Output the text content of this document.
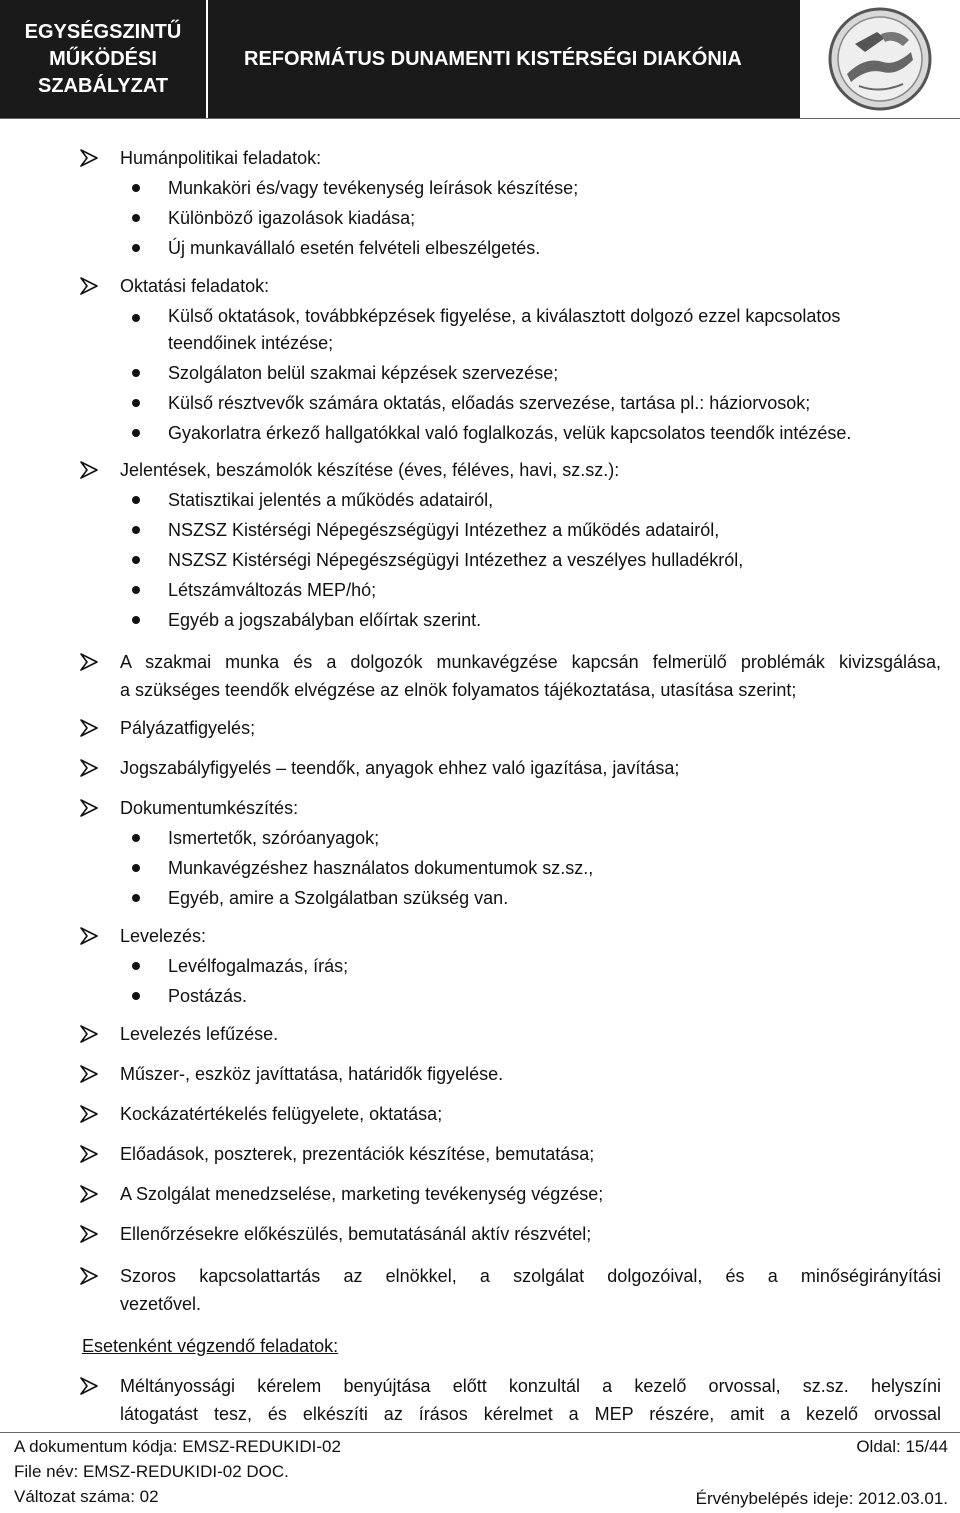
EGYSÉGSZINTŰ
MŰKÖDÉSI
SZABÁLYZAT
REFORMÁTUS DUNAMENTI KISTÉRSÉGI DIAKÓNIA
Humánpolitikai feladatok:
Munkaköri és/vagy tevékenység leírások készítése;
Különböző igazolások kiadása;
Új munkavállaló esetén felvételi elbeszélgetés.
Oktatási feladatok:
Külső oktatások, továbbképzések figyelése, a kiválasztott dolgozó ezzel kapcsolatos
teendőinek intézése;
Szolgálaton belül szakmai képzések szervezése;
Külső résztvevők számára oktatás, előadás szervezése, tartása pl.: háziorvosok;
Gyakorlatra érkező hallgatókkal való foglalkozás, velük kapcsolatos teendők intézése.
Jelentések, beszámolók készítése (éves, féléves, havi, sz.sz.):
Statisztikai jelentés a működés adatairól,
NSZSZ Kistérségi Népegészségügyi Intézethez a működés adatairól,
NSZSZ Kistérségi Népegészségügyi Intézethez a veszélyes hulladékról,
Létszámváltozás MEP/hó;
Egyéb a jogszabályban előírtak szerint.
A szakmai munka és a dolgozók munkavégzése kapcsán felmerülő problémák kivizsgálása,
a szükséges teendők elvégzése az elnök folyamatos tájékoztatása, utasítása szerint;
Pályázatfigyelés;
Jogszabályfigyelés – teendők, anyagok ehhez való igazítása, javítása;
Dokumentumkészítés:
Ismertetők, szóróanyagok;
Munkavégzéshez használatos dokumentumok sz.sz.,
Egyéb, amire a Szolgálatban szükség van.
Levelezés:
Levélfogalmazás, írás;
Postázás.
Levelezés lefűzése.
Műszer-, eszköz javíttatása, határidők figyelése.
Kockázatértékelés felügyelete, oktatása;
Előadások, poszterek, prezentációk készítése, bemutatása;
A Szolgálat menedzselése, marketing tevékenység végzése;
Ellenőrzésekre előkészülés, bemutatásánál aktív részvétel;
Szoros kapcsolattartás az elnökkel, a szolgálat dolgozóival, és a minőségirányítási
vezetővel.
Esetenként végzendő feladatok:
Méltányossági kérelem benyújtása előtt konzultál a kezelő orvossal, sz.sz. helyszíni
látogatást tesz, és elkészíti az írásos kérelmet a MEP részére, amit a kezelő orvossal
A dokumentum kódja: EMSZ-REDUKIDI-02	Oldal: 15/44
File név: EMSZ-REDUKIDI-02 DOC.
Változat száma: 02	Érvénybelépés ideje: 2012.03.01.
